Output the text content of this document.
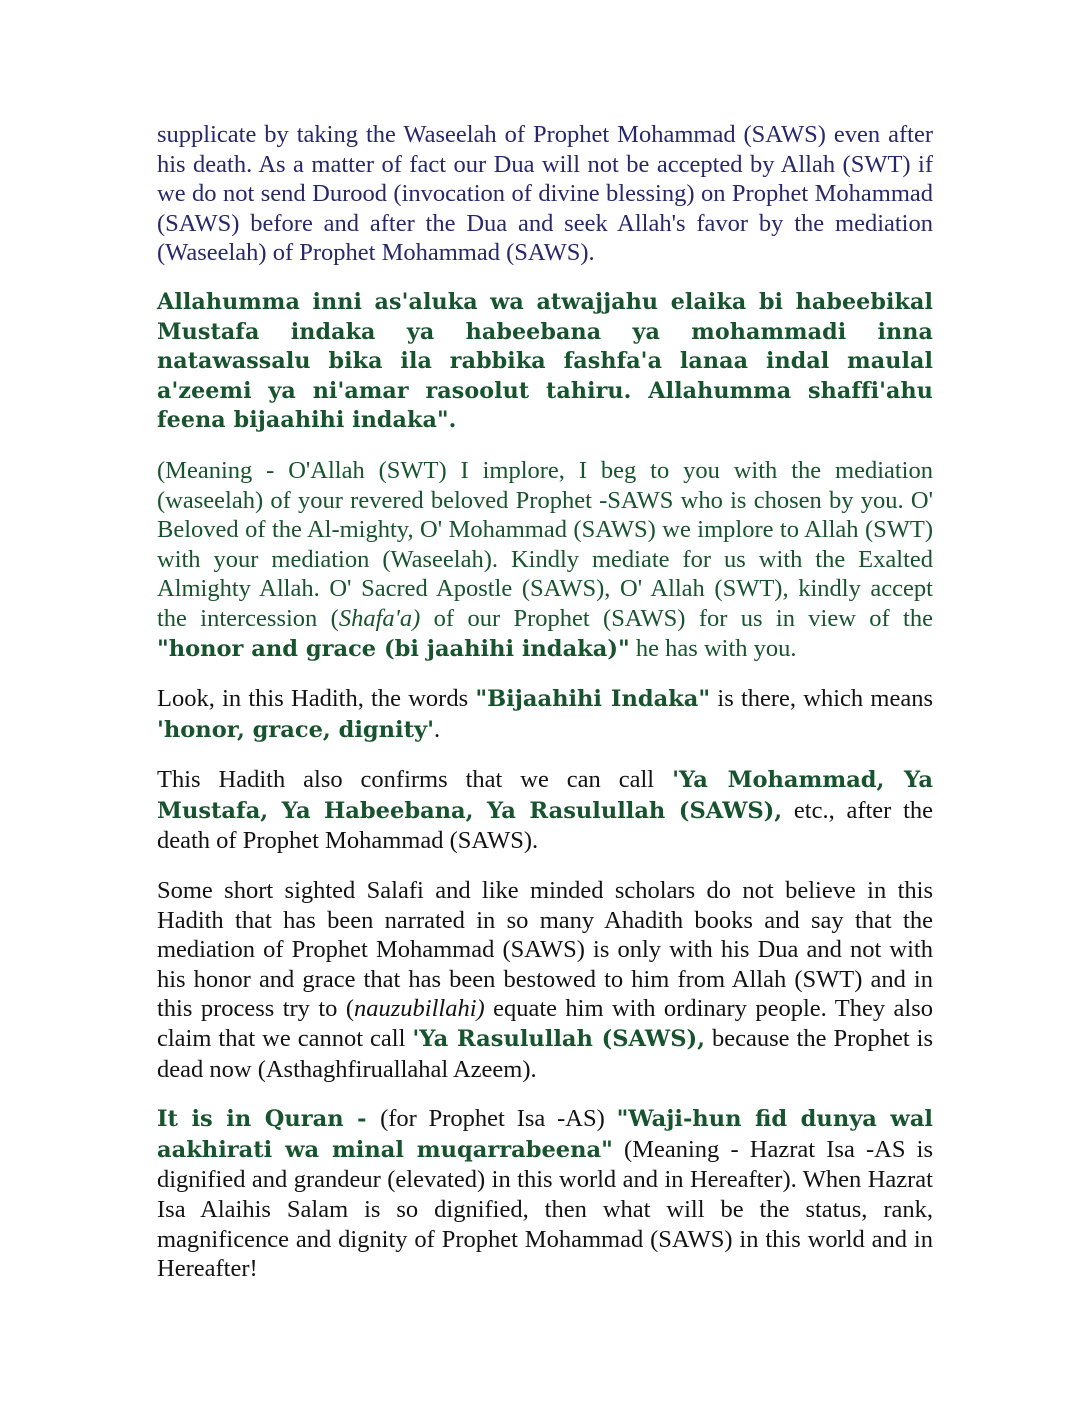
supplicate by taking the Waseelah of Prophet Mohammad (SAWS) even after his death. As a matter of fact our Dua will not be accepted by Allah (SWT) if we do not send Durood (invocation of divine blessing) on Prophet Mohammad (SAWS) before and after the Dua and seek Allah's favor by the mediation (Waseelah) of Prophet Mohammad (SAWS).

Allahumma inni as'aluka wa atwajjahu elaika bi habeebikal Mustafa indaka ya habeebana ya mohammadi inna natawassalu bika ila rabbika fashfa'a lanaa indal maulal a'zeemi ya ni'amar rasoolut tahiru. Allahumma shaffi'ahu feena bijaahihi indaka".

(Meaning - O'Allah (SWT) I implore, I beg to you with the mediation (waseelah) of your revered beloved Prophet -SAWS who is chosen by you. O' Beloved of the Al-mighty, O' Mohammad (SAWS) we implore to Allah (SWT) with your mediation (Waseelah). Kindly mediate for us with the Exalted Almighty Allah. O' Sacred Apostle (SAWS), O' Allah (SWT), kindly accept the intercession (Shafa'a) of our Prophet (SAWS) for us in view of the "honor and grace (bi jaahihi indaka)" he has with you.

Look, in this Hadith, the words "Bijaahihi Indaka" is there, which means 'honor, grace, dignity'.

This Hadith also confirms that we can call 'Ya Mohammad, Ya Mustafa, Ya Habeebana, Ya Rasulullah (SAWS), etc., after the death of Prophet Mohammad (SAWS).

Some short sighted Salafi and like minded scholars do not believe in this Hadith that has been narrated in so many Ahadith books and say that the mediation of Prophet Mohammad (SAWS) is only with his Dua and not with his honor and grace that has been bestowed to him from Allah (SWT) and in this process try to (nauzubillahi) equate him with ordinary people. They also claim that we cannot call 'Ya Rasulullah (SAWS), because the Prophet is dead now (Asthaghfiruallahal Azeem).

It is in Quran - (for Prophet Isa -AS) "Waji-hun fid dunya wal aakhirati wa minal muqarrabeena" (Meaning - Hazrat Isa -AS is dignified and grandeur (elevated) in this world and in Hereafter). When Hazrat Isa Alaihis Salam is so dignified, then what will be the status, rank, magnificence and dignity of Prophet Mohammad (SAWS) in this world and in Hereafter!
